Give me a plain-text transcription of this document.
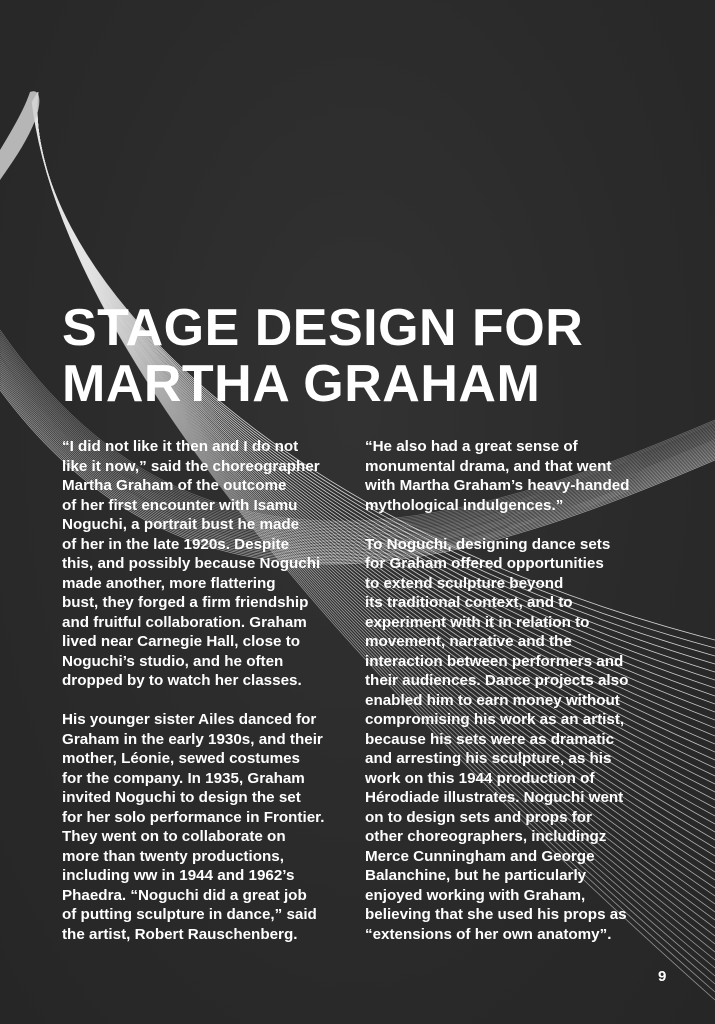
STAGE DESIGN FOR
MARTHA GRAHAM

“I did not like it then and I do not
like it now,” said the choreographer
Martha Graham of the outcome
of her first encounter with Isamu
Noguchi, a portrait bust he made
of her in the late 1920s. Despite
this, and possibly because Noguchi
made another, more flattering
bust, they forged a firm friendship
and fruitful collaboration. Graham
lived near Carnegie Hall, close to
Noguchi’s studio, and he often
dropped by to watch her classes.

His younger sister Ailes danced for
Graham in the early 1930s, and their
mother, Léonie, sewed costumes
for the company. In 1935, Graham
invited Noguchi to design the set
for her solo performance in Frontier.
They went on to collaborate on
more than twenty productions,
including ww in 1944 and 1962’s
Phaedra. “Noguchi did a great job
of putting sculpture in dance,” said
the artist, Robert Rauschenberg.

“He also had a great sense of
monumental drama, and that went
with Martha Graham’s heavy-handed
mythological indulgences.”

To Noguchi, designing dance sets
for Graham offered opportunities
to extend sculpture beyond
its traditional context, and to
experiment with it in relation to
movement, narrative and the
interaction between performers and
their audiences. Dance projects also
enabled him to earn money without
compromising his work as an artist,
because his sets were as dramatic
and arresting his sculpture, as his
work on this 1944 production of
Hérodiade illustrates. Noguchi went
on to design sets and props for
other choreographers, includingz
Merce Cunningham and George
Balanchine, but he particularly
enjoyed working with Graham,
believing that she used his props as
“extensions of her own anatomy”.

9
